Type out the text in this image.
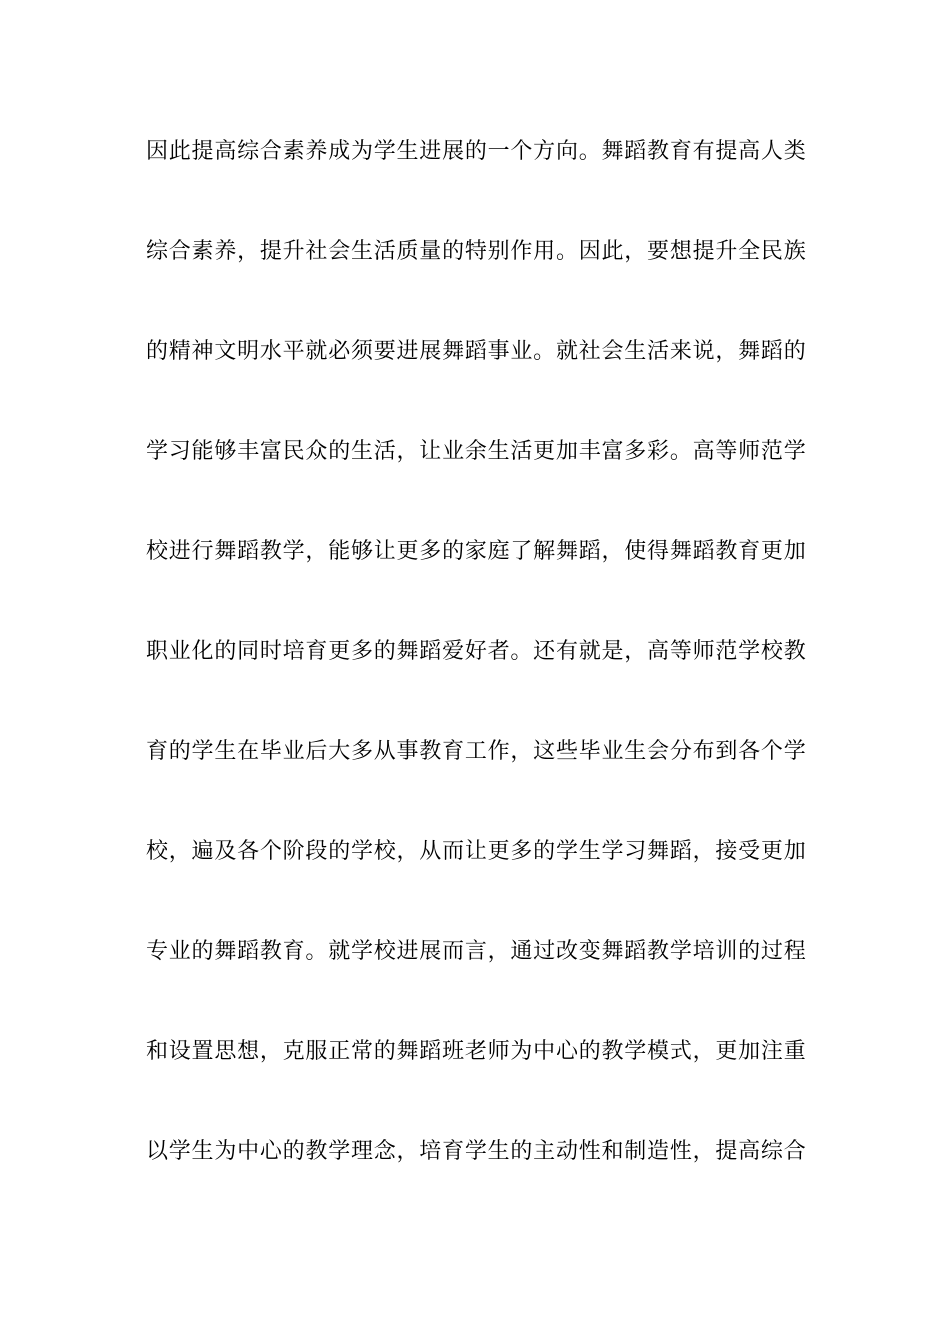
因此提高综合素养成为学生进展的一个方向。舞蹈教育有提高人类
综合素养，提升社会生活质量的特别作用。因此，要想提升全民族
的精神文明水平就必须要进展舞蹈事业。就社会生活来说，舞蹈的
学习能够丰富民众的生活，让业余生活更加丰富多彩。高等师范学
校进行舞蹈教学，能够让更多的家庭了解舞蹈，使得舞蹈教育更加
职业化的同时培育更多的舞蹈爱好者。还有就是，高等师范学校教
育的学生在毕业后大多从事教育工作，这些毕业生会分布到各个学
校，遍及各个阶段的学校，从而让更多的学生学习舞蹈，接受更加
专业的舞蹈教育。就学校进展而言，通过改变舞蹈教学培训的过程
和设置思想，克服正常的舞蹈班老师为中心的教学模式，更加注重
以学生为中心的教学理念，培育学生的主动性和制造性，提高综合
